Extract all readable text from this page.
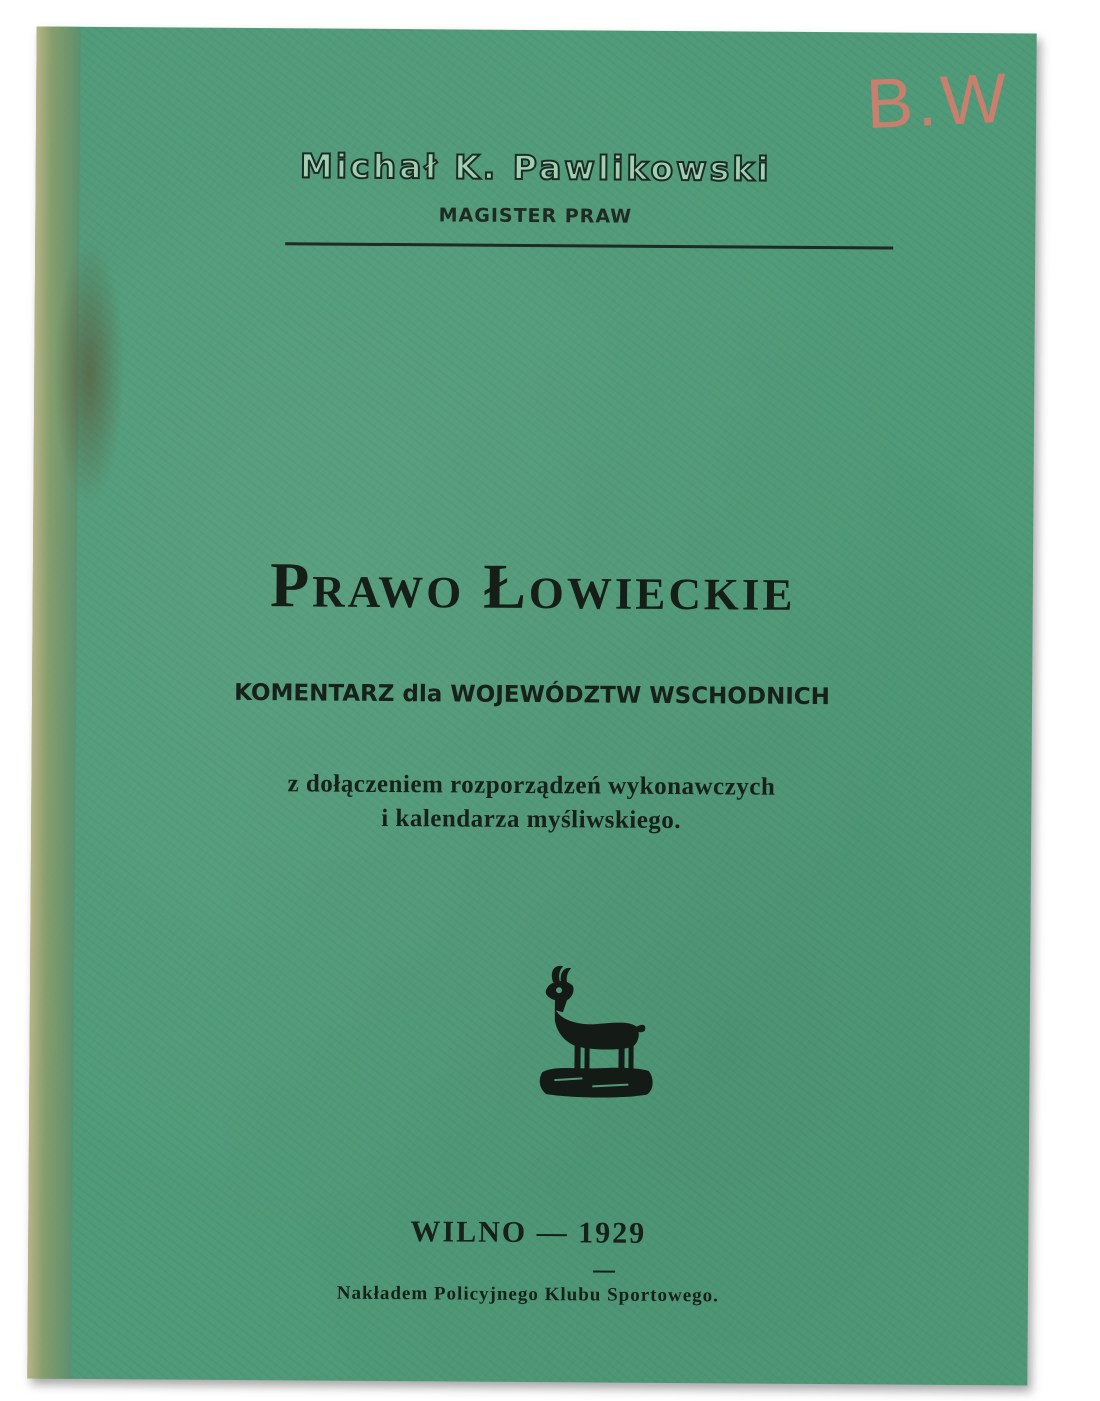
B.W
Michał K. Pawlikowski
MAGISTER PRAW
Prawo Łowieckie
KOMENTARZ dla WOJEWÓDZTW WSCHODNICH
z dołączeniem rozporządzeń wykonawczych
i kalendarza myśliwskiego.
WILNO — 1929
Nakładem Policyjnego Klubu Sportowego.
